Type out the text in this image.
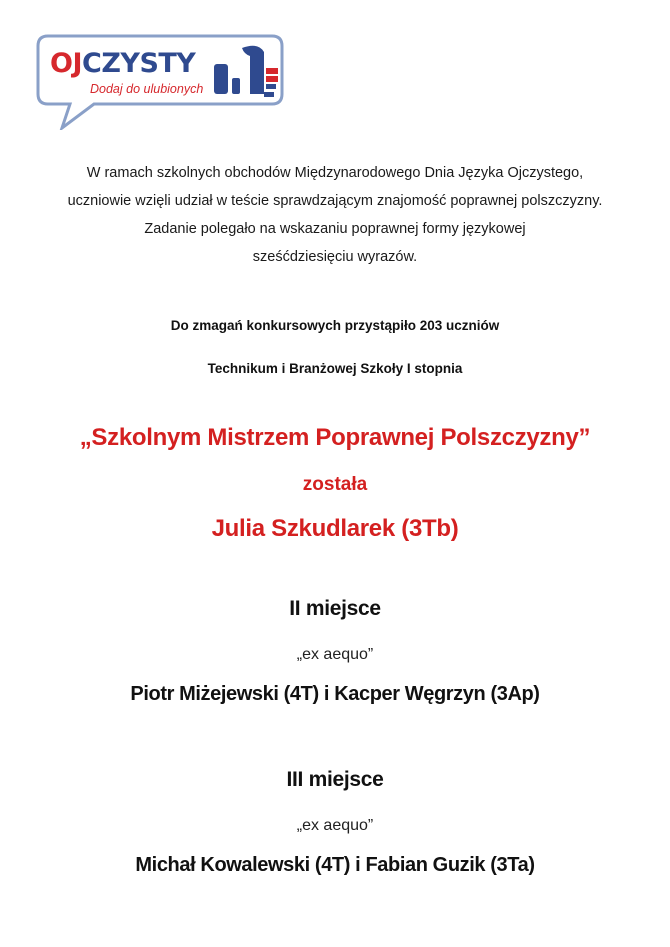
OJCZYSTY
Dodaj do ulubionych

W ramach szkolnych obchodów Międzynarodowego Dnia Języka Ojczystego,

uczniowie wzięli udział w teście sprawdzającym znajomość poprawnej polszczyzny.

Zadanie polegało na wskazaniu poprawnej formy językowej

sześćdziesięciu wyrazów.

Do zmagań konkursowych przystąpiło 203 uczniów

Technikum i Branżowej Szkoły I stopnia

„Szkolnym Mistrzem Poprawnej Polszczyzny”
została
Julia Szkudlarek (3Tb)
II miejsce
„ex aequo”
Piotr Miżejewski (4T) i Kacper Węgrzyn (3Ap)
III miejsce
„ex aequo”
Michał Kowalewski (4T) i Fabian Guzik (3Ta)
